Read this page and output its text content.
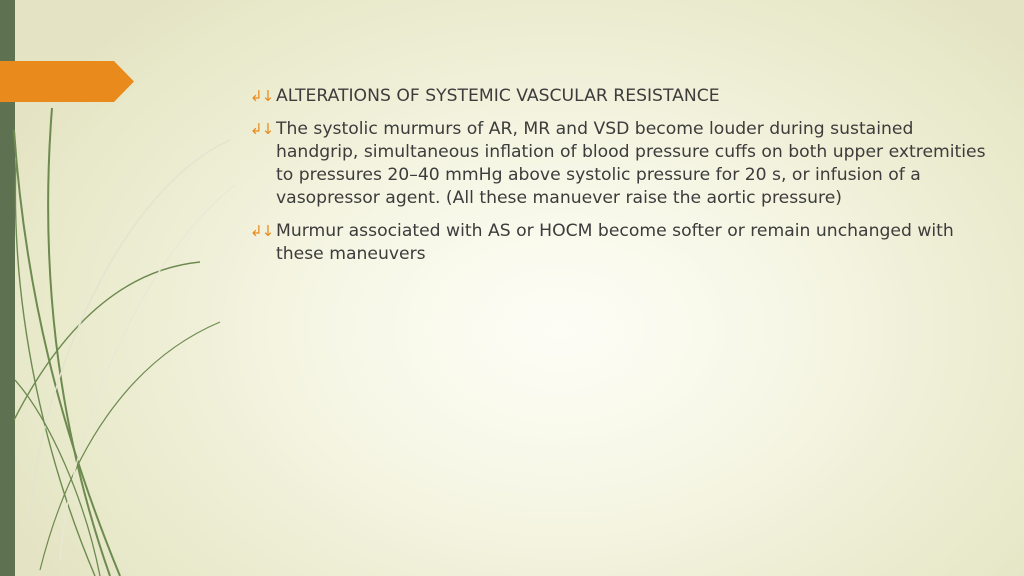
↲↓ ALTERATIONS OF SYSTEMIC VASCULAR RESISTANCE
↲↓ The systolic murmurs of AR, MR and VSD become louder during sustained handgrip, simultaneous inflation of blood pressure cuffs on both upper extremities to pressures 20–40 mmHg above systolic pressure for 20 s, or infusion of a vasopressor agent. (All these manuever raise the aortic pressure)
↲↓ Murmur associated with AS or HOCM become softer or remain unchanged with these maneuvers
